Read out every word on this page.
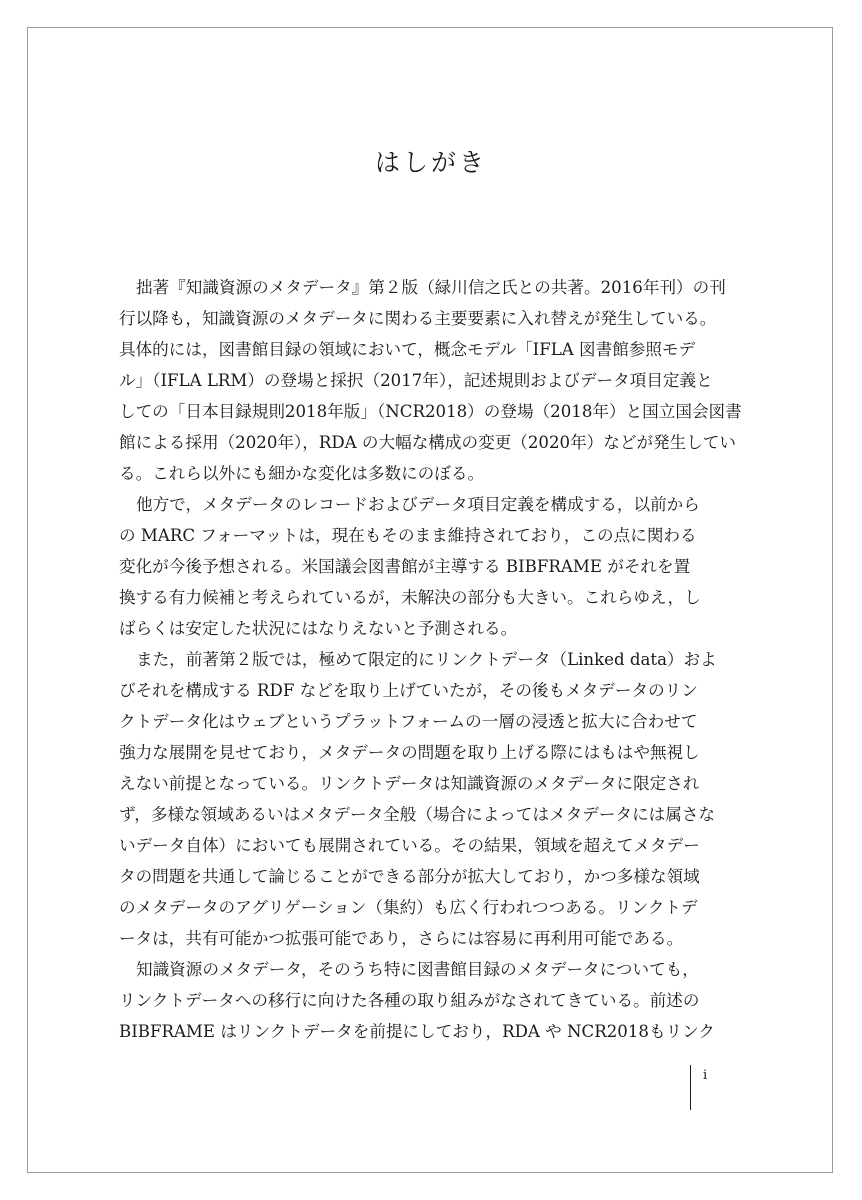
はしがき
拙著『知識資源のメタデータ』第２版（緑川信之氏との共著。2016年刊）の刊
行以降も，知識資源のメタデータに関わる主要要素に入れ替えが発生している。
具体的には，図書館目録の領域において，概念モデル「IFLA 図書館参照モデ
ル」（IFLA LRM）の登場と採択（2017年），記述規則およびデータ項目定義と
しての「日本目録規則2018年版」（NCR2018）の登場（2018年）と国立国会図書
館による採用（2020年），RDA の大幅な構成の変更（2020年）などが発生してい
る。これら以外にも細かな変化は多数にのぼる。
他方で，メタデータのレコードおよびデータ項目定義を構成する，以前から
の MARC フォーマットは，現在もそのまま維持されており，この点に関わる
変化が今後予想される。米国議会図書館が主導する BIBFRAME がそれを置
換する有力候補と考えられているが，未解決の部分も大きい。これらゆえ，し
ばらくは安定した状況にはなりえないと予測される。
また，前著第２版では，極めて限定的にリンクトデータ（Linked data）およ
びそれを構成する RDF などを取り上げていたが，その後もメタデータのリン
クトデータ化はウェブというプラットフォームの一層の浸透と拡大に合わせて
強力な展開を見せており，メタデータの問題を取り上げる際にはもはや無視し
えない前提となっている。リンクトデータは知識資源のメタデータに限定され
ず，多様な領域あるいはメタデータ全般（場合によってはメタデータには属さな
いデータ自体）においても展開されている。その結果，領域を超えてメタデー
タの問題を共通して論じることができる部分が拡大しており，かつ多様な領域
のメタデータのアグリゲーション（集約）も広く行われつつある。リンクトデ
ータは，共有可能かつ拡張可能であり，さらには容易に再利用可能である。
知識資源のメタデータ，そのうち特に図書館目録のメタデータについても，
リンクトデータへの移行に向けた各種の取り組みがなされてきている。前述の
BIBFRAME はリンクトデータを前提にしており，RDA や NCR2018もリンク
i
